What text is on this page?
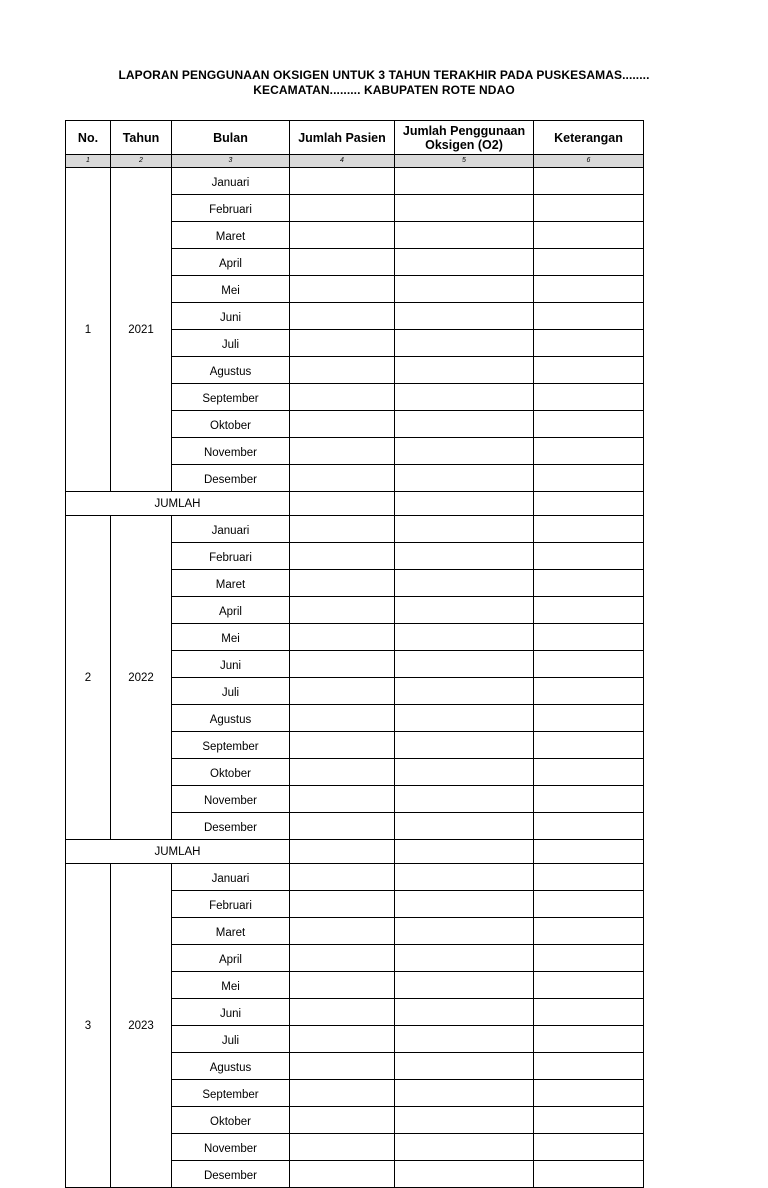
LAPORAN PENGGUNAAN OKSIGEN UNTUK 3 TAHUN TERAKHIR PADA PUSKESAMAS........
KECAMATAN......... KABUPATEN ROTE NDAO
No.	Tahun	Bulan	Jumlah Pasien	Jumlah Penggunaan Oksigen (O2)	Keterangan
1	2	3	4	5	6
1	2021	Januari			
		Februari			
		Maret			
		April			
		Mei			
		Juni			
		Juli			
		Agustus			
		September			
		Oktober			
		November			
		Desember			
JUMLAH					
2	2022	Januari			
		Februari			
		Maret			
		April			
		Mei			
		Juni			
		Juli			
		Agustus			
		September			
		Oktober			
		November			
		Desember			
JUMLAH					
3	2023	Januari			
		Februari			
		Maret			
		April			
		Mei			
		Juni			
		Juli			
		Agustus			
		September			
		Oktober			
		November			
		Desember			
